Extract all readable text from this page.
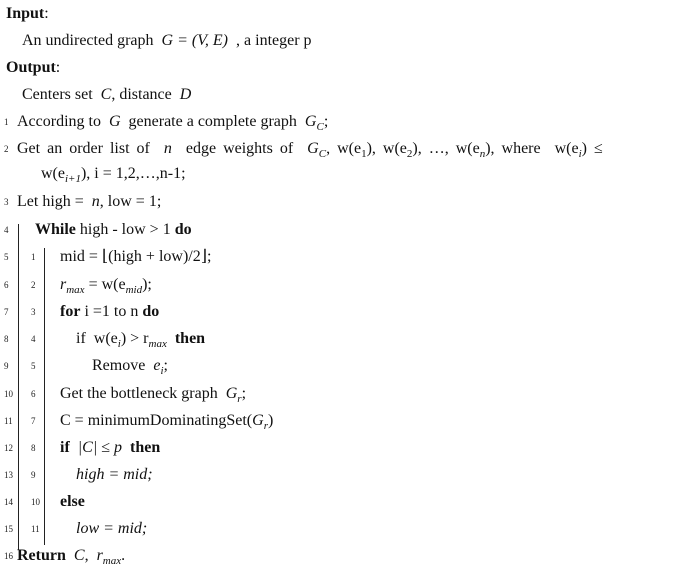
Input:
An undirected graph G = (V, E) , a integer p
Output:
Centers set C, distance D
1 According to G generate a complete graph $G_C$;
2 Get an order list of n edge weights of $G_C$, $w(e_1)$, $w(e_2)$, …, $w(e_n)$, where $w(e_i)$ ≤
$w(e_{i+1})$, i = 1,2,…,n-1;
3 Let high = n, low = 1;
4 While high - low > 1 do
5	1 mid = ⌊(high + low)/2⌋;
6	2 $r_{max} = w(e_{mid})$;
7	3 for i =1 to n do
8	4	if $w(e_i) > r_{max}$ then
9	5	Remove $e_i$;
10 6 Get the bottleneck graph $G_r$;
11 7 $C = minimumDominatingSet(G_r)$
12 8 if |C| ≤ p then
13 9	high = mid;
14 10 else
15 11 low = mid;
16 Return C, $r_{max}$.
